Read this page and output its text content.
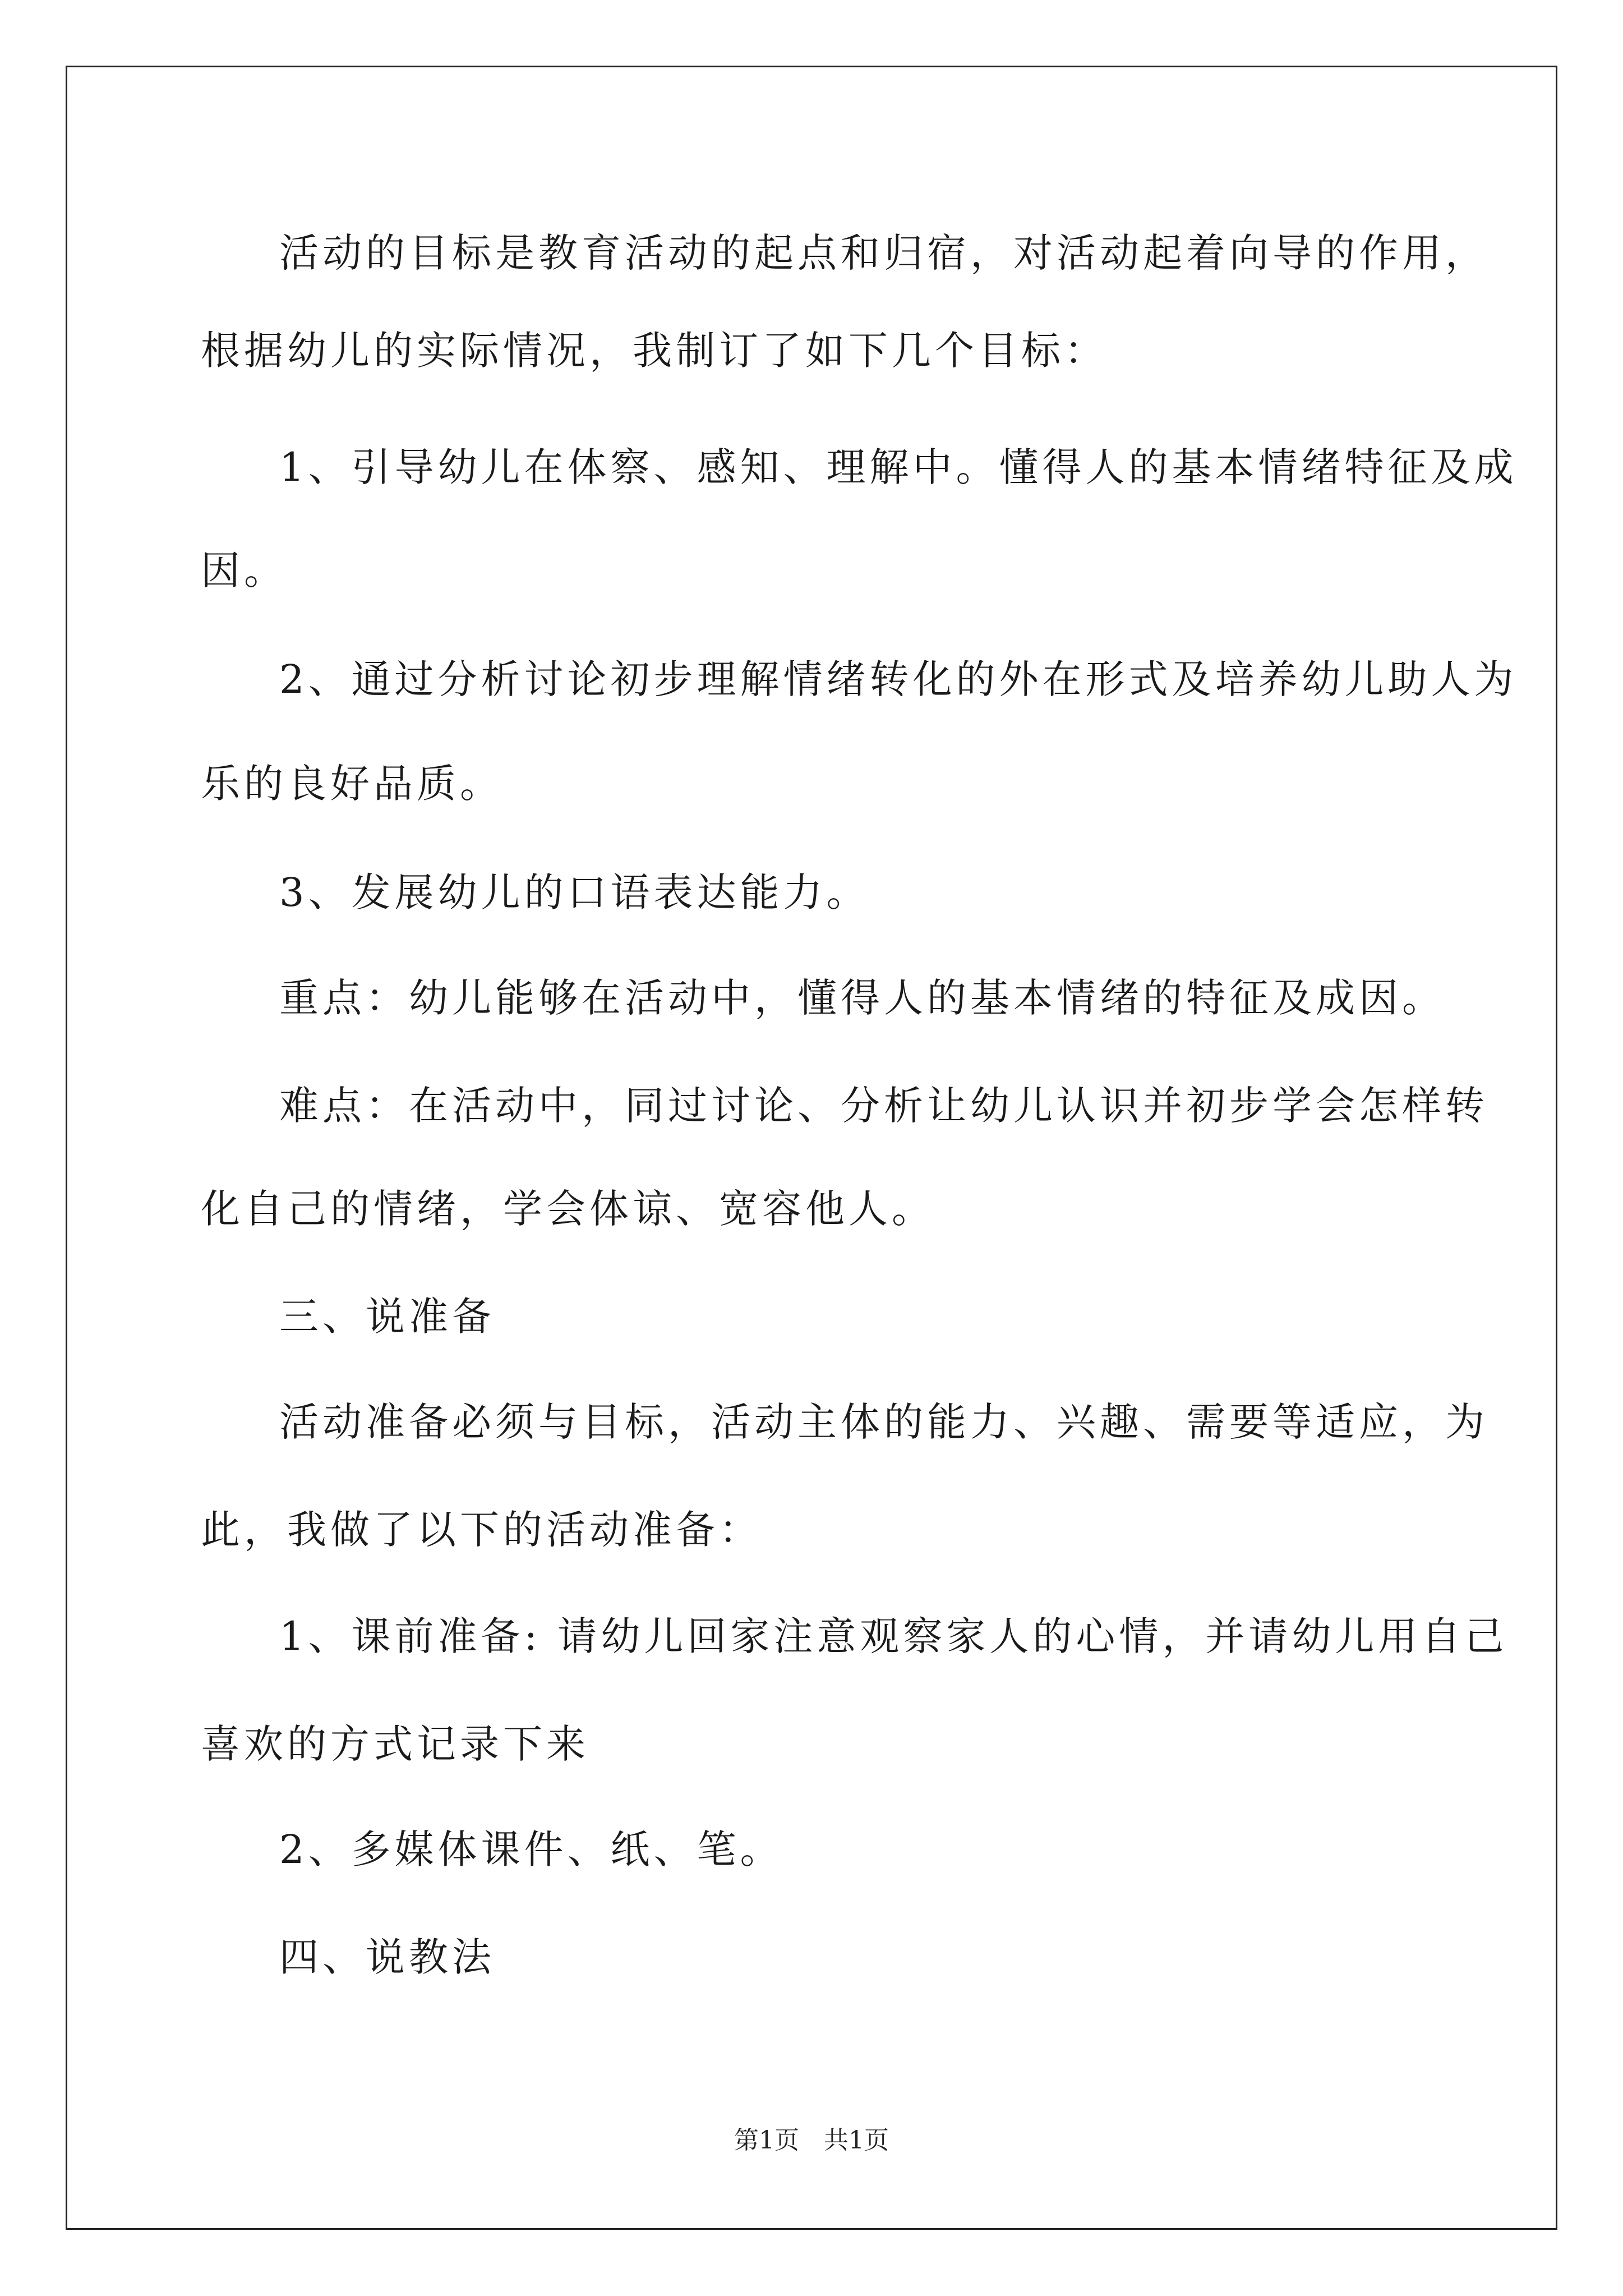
活动的目标是教育活动的起点和归宿，对活动起着向导的作用，
根据幼儿的实际情况，我制订了如下几个目标：
1、引导幼儿在体察、感知、理解中。懂得人的基本情绪特征及成
因。
2、通过分析讨论初步理解情绪转化的外在形式及培养幼儿助人为
乐的良好品质。
3、发展幼儿的口语表达能力。
重点：幼儿能够在活动中，懂得人的基本情绪的特征及成因。
难点：在活动中，同过讨论、分析让幼儿认识并初步学会怎样转
化自己的情绪，学会体谅、宽容他人。
三、说准备
活动准备必须与目标，活动主体的能力、兴趣、需要等适应，为
此，我做了以下的活动准备：
1、课前准备: 请幼儿回家注意观察家人的心情，并请幼儿用自己
喜欢的方式记录下来
2、多媒体课件、纸、笔。
四、说教法
第1页　共1页
